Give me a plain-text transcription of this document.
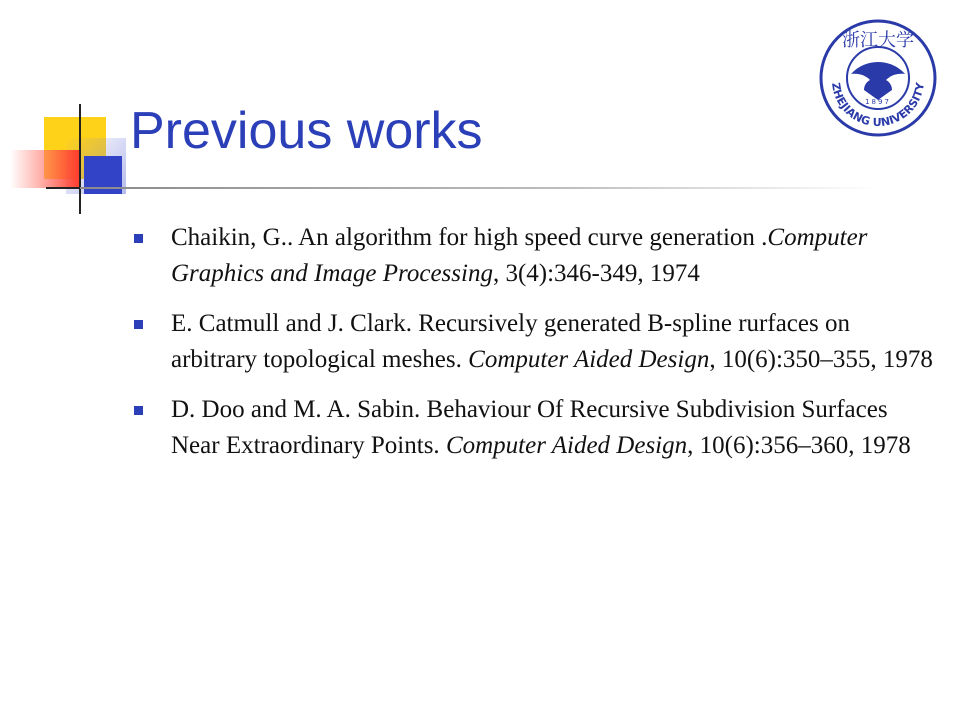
Previous works
浙江大学
1897
ZHEJIANG UNIVERSITY
Chaikin, G.. An algorithm for high speed curve generation .Computer Graphics and Image Processing, 3(4):346-349, 1974
E. Catmull and J. Clark. Recursively generated B-spline rurfaces on arbitrary topological meshes. Computer Aided Design, 10(6):350–355, 1978
D. Doo and M. A. Sabin. Behaviour Of Recursive Subdivision Surfaces Near Extraordinary Points. Computer Aided Design, 10(6):356–360, 1978
